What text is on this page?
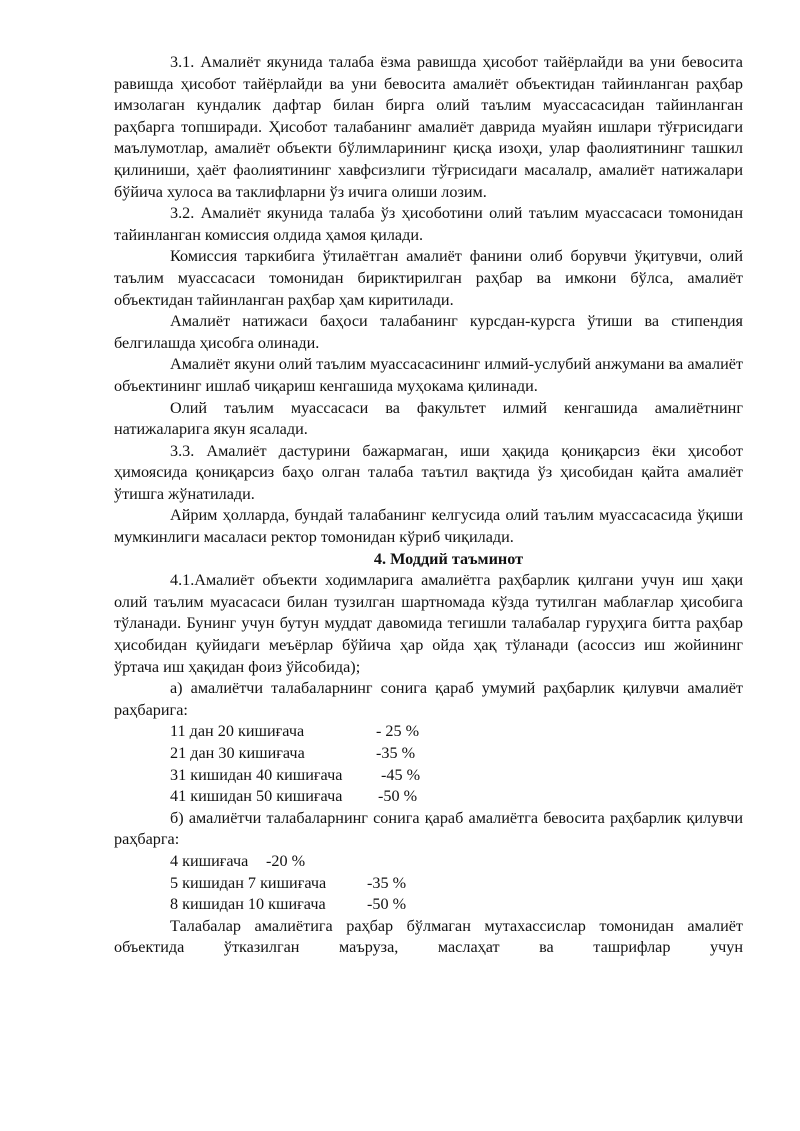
3.1. Амалиёт якунида талаба ёзма равишда ҳисобот тайёрлайди ва уни бевосита равишда ҳисобот тайёрлайди ва уни бевосита амалиёт объектидан тайинланган раҳбар имзолаган кундалик дафтар билан бирга олий таълим муассасасидан тайинланган раҳбарга топширади. Ҳисобот талабанинг амалиёт даврида муайян ишлари тўғрисидаги маълумотлар, амалиёт объекти бўлимларининг қисқа изоҳи, улар фаолиятининг ташкил қилиниши, ҳаёт фаолиятининг хавфсизлиги тўғрисидаги масалалр, амалиёт натижалари бўйича хулоса ва таклифларни ўз ичига олиши лозим.

3.2. Амалиёт якунида талаба ўз ҳисоботини олий таълим муассасаси томонидан тайинланган комиссия олдида ҳамоя қилади.

Комиссия таркибига ўтилаётган амалиёт фанини олиб борувчи ўқитувчи, олий таълим муассасаси томонидан бириктирилган раҳбар ва имкони бўлса, амалиёт объектидан тайинланган раҳбар ҳам киритилади.

Амалиёт натижаси баҳоси талабанинг курсдан-курсга ўтиши ва стипендия белгилашда ҳисобга олинади.

Амалиёт якуни олий таълим муассасасининг илмий-услубий анжумани ва амалиёт объектининг ишлаб чиқариш кенгашида муҳокама қилинади.

Олий таълим муассасаси ва факультет илмий кенгашида амалиётнинг натижаларига якун ясалади.

3.3. Амалиёт дастурини бажармаган, иши ҳақида қониқарсиз ёки ҳисобот ҳимоясида қониқарсиз баҳо олган талаба таътил вақтида ўз ҳисобидан қайта амалиёт ўтишга жўнатилади.

Айрим ҳолларда, бундай талабанинг келгусида олий таълим муассасасида ўқиши мумкинлиги масаласи ректор томонидан кўриб чиқилади.

4. Моддий таъминот

4.1.Амалиёт объекти ходимларига амалиётга раҳбарлик қилгани учун иш ҳақи олий таълим муасасаси билан тузилган шартномада кўзда тутилган маблағлар ҳисобига тўланади. Бунинг учун бутун муддат давомида тегишли талабалар гуруҳига битта раҳбар ҳисобидан қуйидаги меъёрлар бўйича ҳар ойда ҳақ тўланади (асоссиз иш жойининг ўртача иш ҳақидан фоиз ўйсобида);

а) амалиётчи талабаларнинг сонига қараб умумий раҳбарлик қилувчи амалиёт раҳбарига:

11 дан 20 кишиғача	- 25 %
21 дан 30 кишиғача	-35 %
31 кишидан 40 кишиғача -45 %
41 кишидан 50 кишиғача -50 %

б) амалиётчи талабаларнинг сонига қараб амалиётга бевосита раҳбарлик қилувчи раҳбарга:

4 кишиғача -20 %
5 кишидан 7 кишиғача	-35 %
8 кишидан 10 кшиғача	-50 %

Талабалар амалиётига раҳбар бўлмаган мутахассислар томонидан амалиёт объектида ўтказилган маъруза, маслаҳат ва ташрифлар учун
